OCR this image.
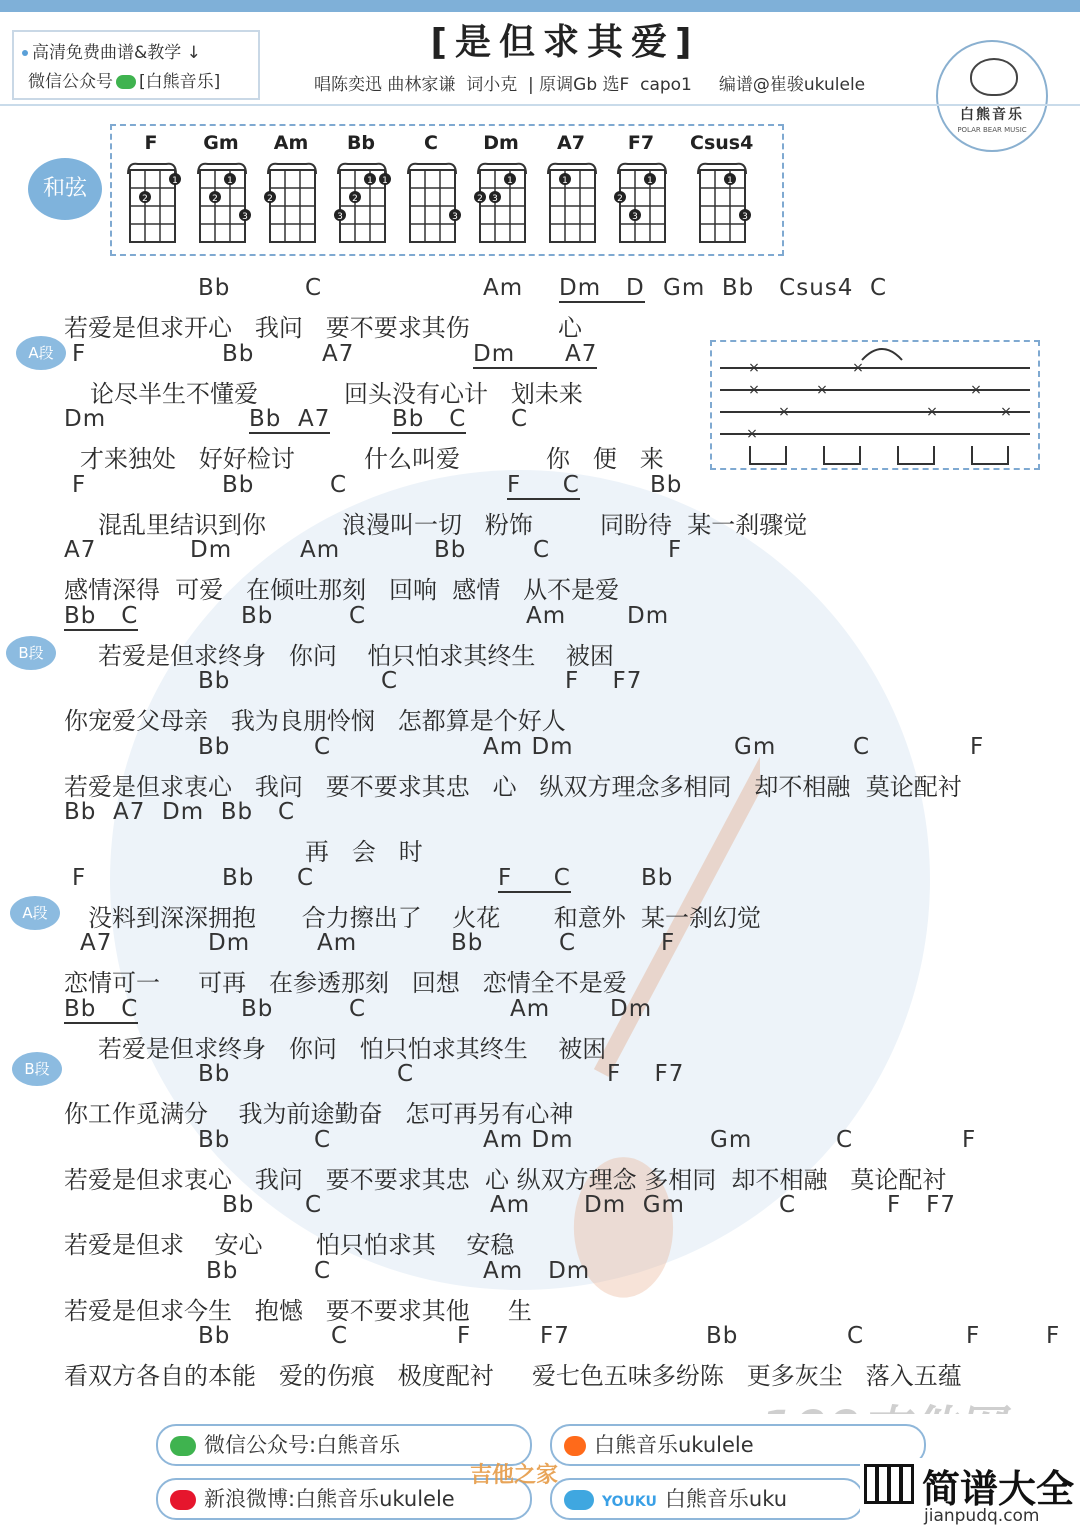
高清免费曲谱&教学 ↓
微信公众号 [白熊音乐]
[是但求其爱]
唱陈奕迅 曲林家谦  词小克  | 原调Gb 选F  capo1     编谱@崔骏ukulele
白熊音乐
POLAR BEAR MUSIC
和弦
F
2
1
Gm
2
1
3
Am
2
Bb
3
2
1 1
C
3
Dm
2 3
1
A7
1
F7
2
3
1
Csus4
1
3
A段
B段
A段
B段
×	×
×	×	×
×	×	×
×
Bb	C	Am Dm   D Gm  Bb   Csus4  C
若爱是但求开心   我问   要不要求其伤	心
F	Bb	A7	Dm      A7
论尽半生不懂爱	回头没有心计   划未来
Dm	Bb  A7	Bb   C C
才来独处   好好检讨	什么叫爱	你   便   来
F	Bb	C	F     C	Bb
混乱里结识到你	浪漫叫一切   粉饰	同盼待  某一刹骤觉
A7	Dm	Am	Bb	C	F
感情深得  可爱   在倾吐那刻   回响  感情   从不是爱
Bb   C	Bb	C	Am	Dm
若爱是但求终身   你问    怕只怕求其终生    被困
Bb	C	F    F7
你宠爱父母亲   我为良朋怜悯   怎都算是个好人
Bb	C	Am Dm	Gm	C	F
若爱是但求衷心   我问   要不要求其忠   心   纵双方理念多相同   却不相融  莫论配衬
Bb  A7  Dm  Bb   C
再   会   时
F	Bb C	F     C	Bb
没料到深深拥抱      合力擦出了    火花       和意外  某一刹幻觉
A7	Dm	Am	Bb	C	F
恋情可一     可再   在参透那刻   回想   恋情全不是爱
Bb   C	Bb	C	Am	Dm
若爱是但求终身   你问   怕只怕求其终生    被困
Bb	C	F    F7
你工作觅满分    我为前途勤奋   怎可再另有心神
Bb	C	Am Dm	Gm	C	F
若爱是但求衷心   我问   要不要求其忠  心 纵双方理念 多相同  却不相融   莫论配衬
Bb C	Am Dm  Gm	C	F   F7
若爱是但求    安心       怕只怕求其    安稳
Bb	C	Am   Dm
若爱是但求今生   抱憾   要不要求其他     生
Bb	C	F	F7	Bb	C	F	F
看双方各自的本能   爱的伤痕   极度配衬     爱七色五味多纷陈   更多灰尘   落入五蕴
微信公众号:白熊音乐	白熊音乐ukulele
新浪微博:白熊音乐ukulele	YOUKU 白熊音乐uku
吉他之家	简谱大全
jianpudq.com
